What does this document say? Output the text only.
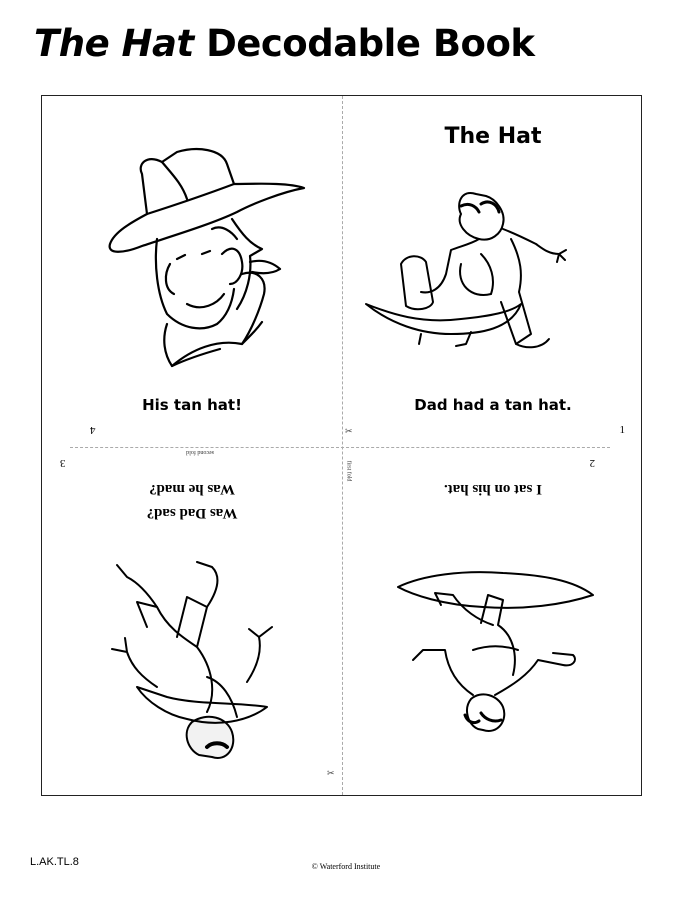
The Hat Decodable Book
His tan hat!
4
The Hat
Dad had a tan hat.
1
Was Dad sad?
Was he mad?
3
second fold
I sat on his hat.
2
✂
first fold
✂
L.AK.TL.8	© Waterford Institute
